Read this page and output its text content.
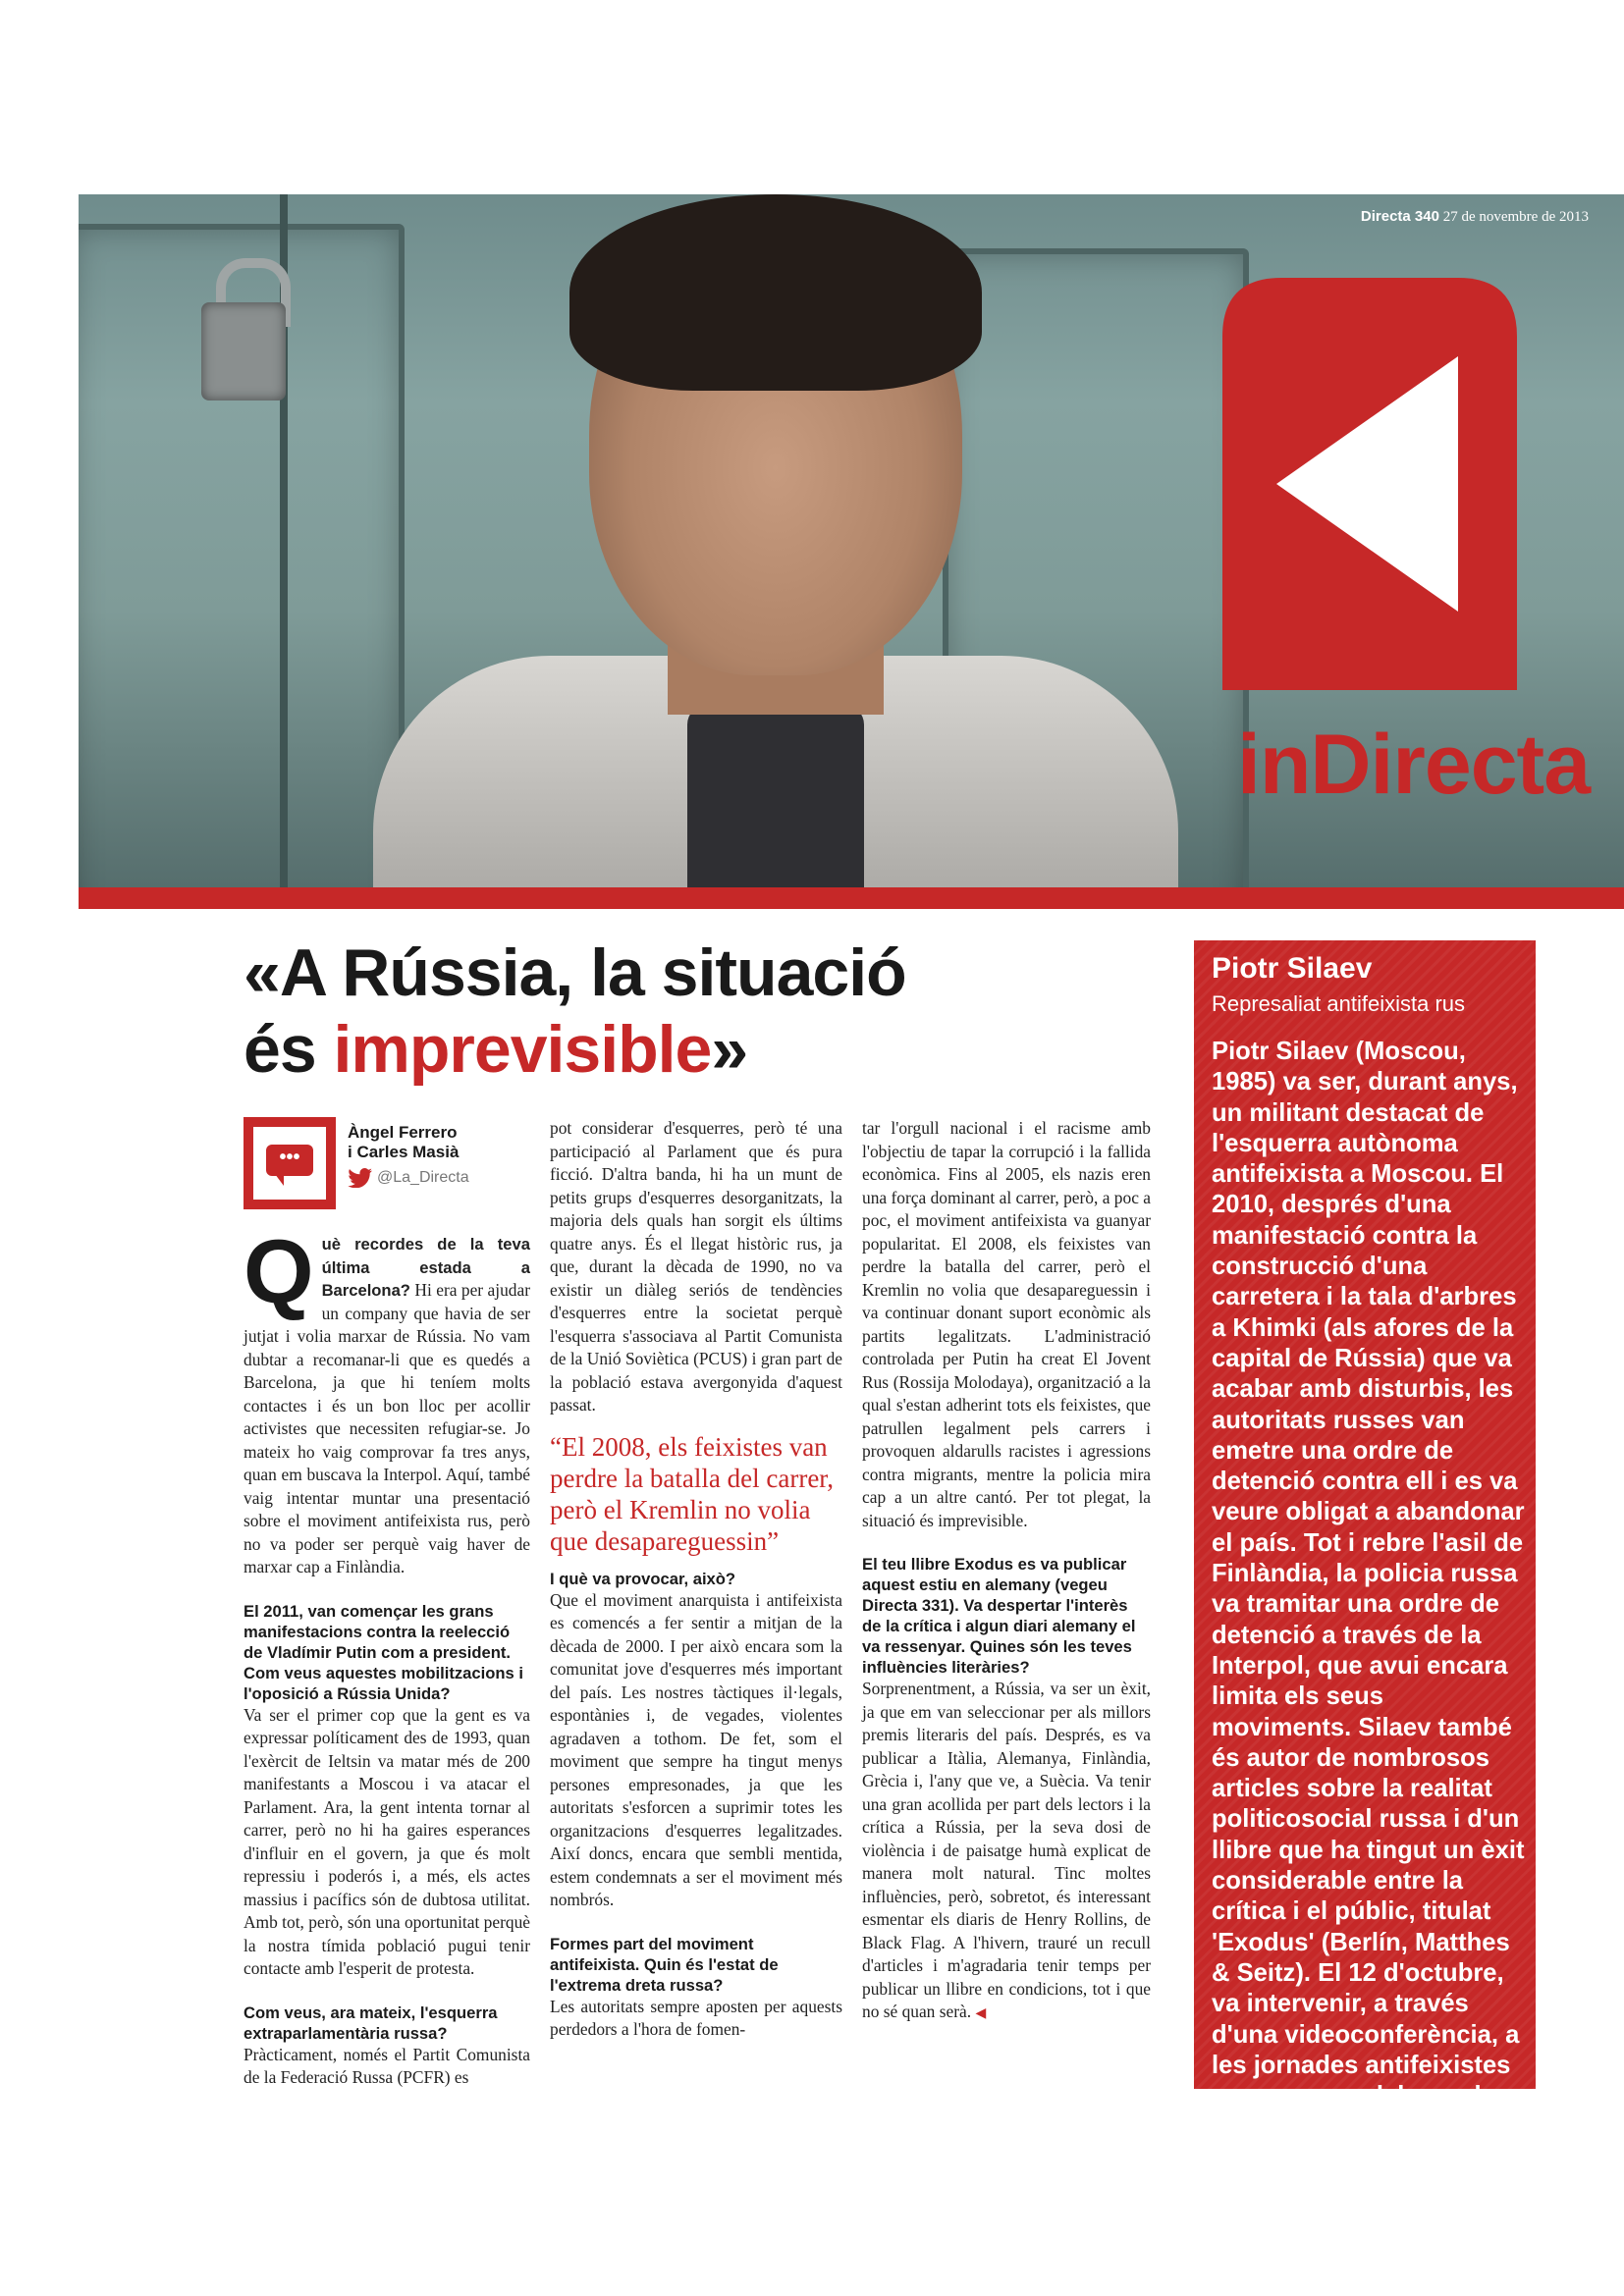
Directa 340 27 de novembre de 2013
inDirecta
«A Rússia, la situació
és imprevisible»
•••
Àngel Ferrero
i Carles Masià
@La_Directa

Q uè recordes de la teva última estada a Barcelona? Hi era per ajudar un company que havia de ser jutjat i volia marxar de Rússia. No vam dubtar a recomanar-li que es quedés a Barcelona, ja que hi teníem molts contactes i és un bon lloc per acollir activistes que necessiten refugiar-se. Jo mateix ho vaig comprovar fa tres anys, quan em buscava la Interpol. Aquí, també vaig intentar muntar una presentació sobre el moviment antifeixista rus, però no va poder ser perquè vaig haver de marxar cap a Finlàndia.

El 2011, van començar les grans manifestacions contra la reelecció de Vladímir Putin com a president. Com veus aquestes mobilitzacions i l'oposició a Rússia Unida?

Va ser el primer cop que la gent es va expressar políticament des de 1993, quan l'exèrcit de Ieltsin va matar més de 200 manifestants a Moscou i va atacar el Parlament. Ara, la gent intenta tornar al carrer, però no hi ha gaires esperances d'influir en el govern, ja que és molt repressiu i poderós i, a més, els actes massius i pacífics són de dubtosa utilitat. Amb tot, però, són una oportunitat perquè la nostra tímida població pugui tenir contacte amb l'esperit de protesta.

Com veus, ara mateix, l'esquerra extraparlamentària russa?

Pràcticament, només el Partit Comunista de la Federació Russa (PCFR) es

pot considerar d'esquerres, però té una participació al Parlament que és pura ficció. D'altra banda, hi ha un munt de petits grups d'esquerres desorganitzats, la majoria dels quals han sorgit els últims quatre anys. És el llegat històric rus, ja que, durant la dècada de 1990, no va existir un diàleg seriós de tendències d'esquerres entre la societat perquè l'esquerra s'associava al Partit Comunista de la Unió Soviètica (PCUS) i gran part de la població estava avergonyida d'aquest passat.

“El 2008, els feixistes van perdre la batalla del carrer, però el Kremlin no volia que desapareguessin”

I què va provocar, això?

Que el moviment anarquista i antifeixista es comencés a fer sentir a mitjan de la dècada de 2000. I per això encara som la comunitat jove d'esquerres més important del país. Les nostres tàctiques il·legals, espontànies i, de vegades, violentes agradaven a tothom. De fet, som el moviment que sempre ha tingut menys persones empresonades, ja que les autoritats s'esforcen a suprimir totes les organitzacions d'esquerres legalitzades. Així doncs, encara que sembli mentida, estem condemnats a ser el moviment més nombrós.

Formes part del moviment antifeixista. Quin és l'estat de l'extrema dreta russa?

Les autoritats sempre aposten per aquests perdedors a l'hora de fomen-

tar l'orgull nacional i el racisme amb l'objectiu de tapar la corrupció i la fallida econòmica. Fins al 2005, els nazis eren una força dominant al carrer, però, a poc a poc, el moviment antifeixista va guanyar popularitat. El 2008, els feixistes van perdre la batalla del carrer, però el Kremlin no volia que desapareguessin i va continuar donant suport econòmic als partits legalitzats. L'administració controlada per Putin ha creat El Jovent Rus (Rossija Molodaya), organització a la qual s'estan adherint tots els feixistes, que patrullen legalment pels carrers i provoquen aldarulls racistes i agressions contra migrants, mentre la policia mira cap a un altre cantó. Per tot plegat, la situació és imprevisible.

El teu llibre Exodus es va publicar aquest estiu en alemany (vegeu Directa 331). Va despertar l'interès de la crítica i algun diari alemany el va ressenyar. Quines són les teves influències literàries?

Sorprenentment, a Rússia, va ser un èxit, ja que em van seleccionar per als millors premis literaris del país. Després, es va publicar a Itàlia, Alemanya, Finlàndia, Grècia i, l'any que ve, a Suècia. Va tenir una gran acollida per part dels lectors i la crítica a Rússia, per la seva dosi de violència i de paisatge humà explicat de manera molt natural. Tinc moltes influències, però, sobretot, és interessant esmentar els diaris de Henry Rollins, de Black Flag. A l'hivern, trauré un recull d'articles i m'agradaria tenir temps per publicar un llibre en condicions, tot i que no sé quan serà. ◀

Piotr Silaev
Represaliat antifeixista rus
Piotr Silaev (Moscou, 1985) va ser, durant anys, un militant destacat de l'esquerra autònoma antifeixista a Moscou. El 2010, després d'una manifestació contra la construcció d'una carretera i la tala d'arbres a Khimki (als afores de la capital de Rússia) que va acabar amb disturbis, les autoritats russes van emetre una ordre de detenció contra ell i es va veure obligat a abandonar el país. Tot i rebre l'asil de Finlàndia, la policia russa va tramitar una ordre de detenció a través de la Interpol, que avui encara limita els seus moviments. Silaev també és autor de nombrosos articles sobre la realitat politicosocial russa i d'un llibre que ha tingut un èxit considerable entre la crítica i el públic, titulat 'Exodus' (Berlín, Matthes & Seitz). El 12 d'octubre, va intervenir, a través d'una videoconferència, a les jornades antifeixistes que es van celebrar a la ciutat de Barcelona.
